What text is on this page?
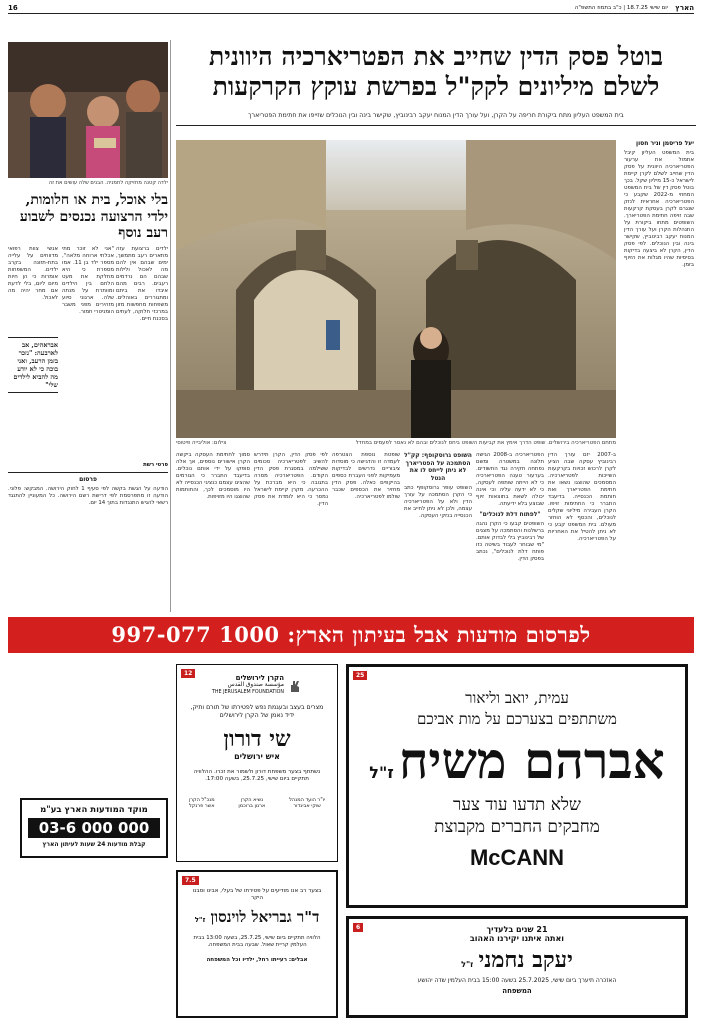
16	הארץ
יום שישי 18.7.25 | כ"ב בתמוז התשפ"ה
בוטל פסק הדין שחייב את הפטריארכיה היוונית
לשלם מיליונים לקק"ל בפרשת עוקץ הקרקעות
בית המשפט העליון מתח ביקורת חריפה על הקרן, ועל עורך הדין המנוח יעקב רבינוביץ, שקישר בינה ובין הנוכלים שזייפו את חתימת הפטריארך
יעל פריסמן וניר חסון
בית המשפט העליון קיבל אתמול את ערעור הפטריארכיה היוונית על פסק הדין שחייב לשלם לקרן קיימת לישראל כ-15 מיליון שקל. בכך בוטל פסק דין של בית המשפט המחוזי מ-2022 שקבע כי הפטריארכיה אחראית לנזק שנגרם לקרן בעסקת קרקעות שבה זויפה חתימת הפטריארך. השופטים מתחו ביקורת על התנהלות הקרן ועל עורך הדין המנוח יעקב רבינוביץ, שקישר בינה ובין הנוכלים. לפי פסק הדין, הקרן לא ביצעה בדיקות בסיסיות שהיו מגלות את הזיוף בזמן.
מתחם הפטריארכיה בירושלים. שופט הדרך אימץ את קביעות השופט ביחס לנוכלים ובהם לא נאסר לפעמים במחדל
צילום: אוליבייה פיטוסי
ב-2007 יזם עורך הדין רבינוביץ עסקה שבה הציע לקרן לרכוש זכויות בקרקעות השייכות לפטריארכיה. המסמכים שהוצגו נשאו את חתימת הפטריארך ואת חותמת הכנסייה. בדיעבד התברר כי החתימות זויפו. הקרן העבירה מיליוני שקלים לנוכלים, והכסף לא הוחזר מעולם. בית המשפט קבע כי לא ניתן להטיל את האחריות על הפטריארכיה.

הפטריארכיה ב-2008 הגישה תלונה במשטרה ומשם נפתחה חקירה נגד החשודים. בערעור טענה הפטריארכיה כי לא הייתה שותפה לעסקה, כי לא ידעה עליה וכי אינה יכולה לשאת בתוצאות זיוף שבוצע בלא ידיעתה.

"לפתוח דלת לנוכלים"

השופטים קבעו כי הקרן נהגה ברשלנות והסתמכה על מצגים של רבינוביץ בלי לבדוק אותם. "מי שבוחר לעבוד בשיטה כזו פותח דלת לנוכלים", נכתב בפסק הדין.

השופט גרוסקופף: קק"ל הסתמכה על הפטריארך לא ניתן לייחס לו את הנטל

השופט עופר גרוסקופף כתב כי הקרן הסתמכה על עורך הדין ולא על הפטריארכיה עצמה, ולכן לא ניתן לחייב את הכנסייה בנזקי העסקה.

שופטת נוספת הצטרפה לעמדה זו והדגישה כי מוסדות ציבוריים נדרשים לבדיקות מעמיקות לפני העברת כספים בהיקפים כאלה. פסק הדין מחזיר את הכספים שכבר שולמו לפטריארכיה.
לפי פסק הדין, הקרן תידרש להשיב לפטריארכיה סכומים ששילמה במסגרת פסק הדין הקודם. הפטריארכיה מסרה בתגובה כי היא מברכת על ההכרעה. מקרן קיימת לישראל נמסר כי היא לומדת את פסק הדין.
סמוך לחתימת העסקה ביקשה הקרן אישורים נוספים, אך אלה סופקו על ידי אותם נוכלים. בדיעבד התברר כי הגורמים שהציגו עצמם כנציגי הכנסייה לא היו מוסמכים לכך, והחותמות שהוצגו היו מזויפות.
ילדה קטנה מחזיקה לחמניה. הבנים שלה עושים את זה
בלי אוכל, בית או חלומות, ילדי הרצועה נכנסים לשבוע רעב נוסף
ילדים ברצועת עזה מתארים רעב מתמשך, ימים שבהם אין להם מה לאכול ולילות שבהם הם נרדמים רעבים. רבים מהם איבדו את ביתם ומתגוררים באוהלים. משפחות מחפשות מזון במרכזי חלוקה, לעתים בסכנת חיים.
"אני לא זוכר מתי אכלתי ארוחה מלאה", מספר ילד בן 11. אמו מספרת כי היא מחלקת את מעט הלחם בין הילדים ומוותרת על מנתה שלה. ארגוני סיוע מזהירים מפני משבר הומניטרי חמור.
אנשי צוות רפואי מדווחים על עלייה בתת-תזונה בקרב ילדים. המשפחות אומרות כי הן חיות מיום ליום, בלי לדעת אם מחר יהיה מה לאכול.
אבראהים, אב לארבעה: "נזכר בזמן הרעב, ואני בוכה כי לא יודע מה להביא לילדים שלי"
פרטי רשת
פרסום
הודעה על הגשת בקשה לפי סעיף 1 לחוק הירושה. המבקש: פלוני. הודעה זו מתפרסמת לפי דרישת רשם הירושה. כל המעוניין להתנגד רשאי להגיש התנגדות בתוך 14 יום.
לפרסום מודעות אבל בעיתון הארץ: 1000 997-077
25
עמית, יואב וליאור
משתתפים בצערכם על מות אביכם
אברהם משיח ז"ל
שלא תדעו עוד צער
מחבקים החברים מקבוצת
McCANN
12
הקרן לירושלים
مؤسسة صندوق القدس
THE JERUSALEM FOUNDATION
מצרים בעצב ובעגמת נפש לפטירתו של תורם ותיק, ידיד נאמן של הקרן לירושלים
שי דורון
איש ירושלים
נשתתף בצער משפחת דורון ולשמור את זכרו. ההלוויה תתקיים ביום שישי, 25.7.25, בשעה 17:00.
יו"ר הועד המנהל
שוקי אביגדור
נשיא הקרן
ארנון ברוכמן
מנכ"ל הקרן
אשר פרנקל
7.5
בצער רב אנו מודיעים על פטירתו של בעלי, אבינו וסבנו היקר
ד"ר גבריאל לוינסון ז"ל
הלוויה תתקיים ביום שישי, 25.7.25, בשעה 13:00 בבית העלמין קריית שאול. שבעה בבית המשפחה.
אבלים: רעייתו רחל, ילדיו וכל המשפחה
6	21 שנים בלעדיך
ואתה איתנו יקירנו האהוב
יעקב נחמני ז"ל
האזכרה תיערך ביום שישי, 25.7.2025 בשעה 15:00 בבית העלמין שדה יהושע
המשפחה
מוקד המודעות הארץ בע"מ
03-6 000 000
קבלת מודעות 24 שעות לעיתון הארץ
